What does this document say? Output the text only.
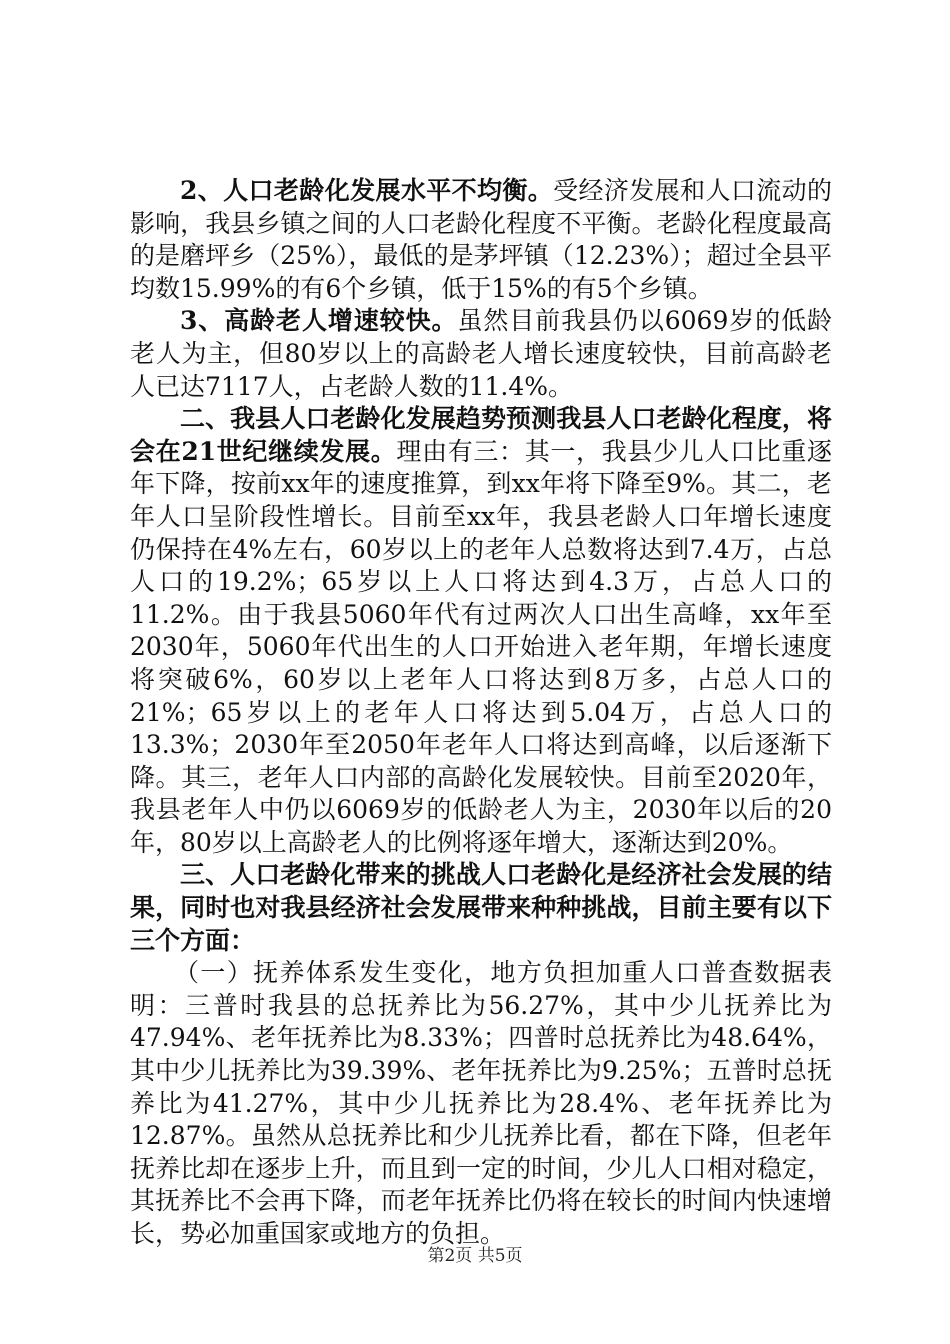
2、人口老龄化发展水平不均衡。受经济发展和人口流动的影响，我县乡镇之间的人口老龄化程度不平衡。老龄化程度最高的是磨坪乡（25%），最低的是茅坪镇（12.23%）；超过全县平均数15.99%的有6个乡镇，低于15%的有5个乡镇。

3、高龄老人增速较快。虽然目前我县仍以6069岁的低龄老人为主，但80岁以上的高龄老人增长速度较快，目前高龄老人已达7117人，占老龄人数的11.4%。

二、我县人口老龄化发展趋势预测我县人口老龄化程度，将会在21世纪继续发展。理由有三：其一，我县少儿人口比重逐年下降，按前xx年的速度推算，到xx年将下降至9%。其二，老年人口呈阶段性增长。目前至xx年，我县老龄人口年增长速度仍保持在4%左右，60岁以上的老年人总数将达到7.4万，占总人口的19.2%；65岁以上人口将达到4.3万，占总人口的11.2%。由于我县5060年代有过两次人口出生高峰，xx年至2030年，5060年代出生的人口开始进入老年期，年增长速度将突破6%，60岁以上老年人口将达到8万多，占总人口的21%；65岁以上的老年人口将达到5.04万，占总人口的13.3%；2030年至2050年老年人口将达到高峰，以后逐渐下降。其三，老年人口内部的高龄化发展较快。目前至2020年，我县老年人中仍以6069岁的低龄老人为主，2030年以后的20年，80岁以上高龄老人的比例将逐年增大，逐渐达到20%。

三、人口老龄化带来的挑战人口老龄化是经济社会发展的结果，同时也对我县经济社会发展带来种种挑战，目前主要有以下三个方面：

（一）抚养体系发生变化，地方负担加重人口普查数据表明：三普时我县的总抚养比为56.27%，其中少儿抚养比为47.94%、老年抚养比为8.33%；四普时总抚养比为48.64%，其中少儿抚养比为39.39%、老年抚养比为9.25%；五普时总抚养比为41.27%，其中少儿抚养比为28.4%、老年抚养比为12.87%。虽然从总抚养比和少儿抚养比看，都在下降，但老年抚养比却在逐步上升，而且到一定的时间，少儿人口相对稳定，其抚养比不会再下降，而老年抚养比仍将在较长的时间内快速增长，势必加重国家或地方的负担。

第2页 共5页
